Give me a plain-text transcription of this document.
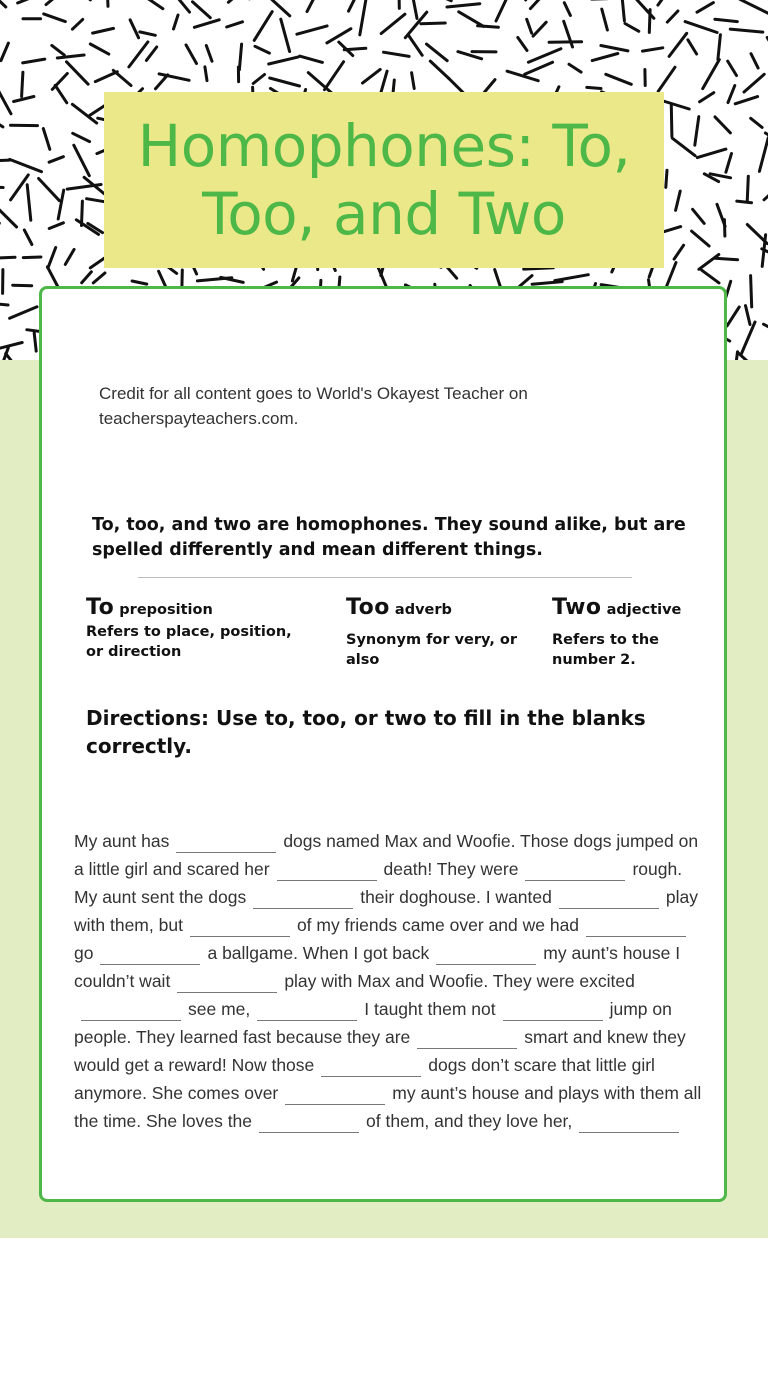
Homophones: To, Too, and Two

Credit for all content goes to World's Okayest Teacher on teacherspayteachers.com.

To, too, and two are homophones. They sound alike, but are spelled differently and mean different things.

To preposition
Refers to place, position, or direction
Too adverb
Synonym for very, or also
Two adjective
Refers to the number 2.

Directions: Use to, too, or two to fill in the blanks correctly.

My aunt has	dogs named Max and Woofie. Those dogs jumped on a little girl and scared her	death! They were	rough. My aunt sent the dogs	their doghouse. I wanted	play with them, but	of my friends came over and we hadgo	a ballgame. When I got back	my aunt’s house I couldn’t wait	play with Max and Woofie. They were excitedsee me,	I taught them not	jump on people. They learned fast because they are	smart and knew they would get a reward! Now those	dogs don’t scare that little girl anymore. She comes over	my aunt’s house and plays with them all the time. She loves the	of them, and they love her,
